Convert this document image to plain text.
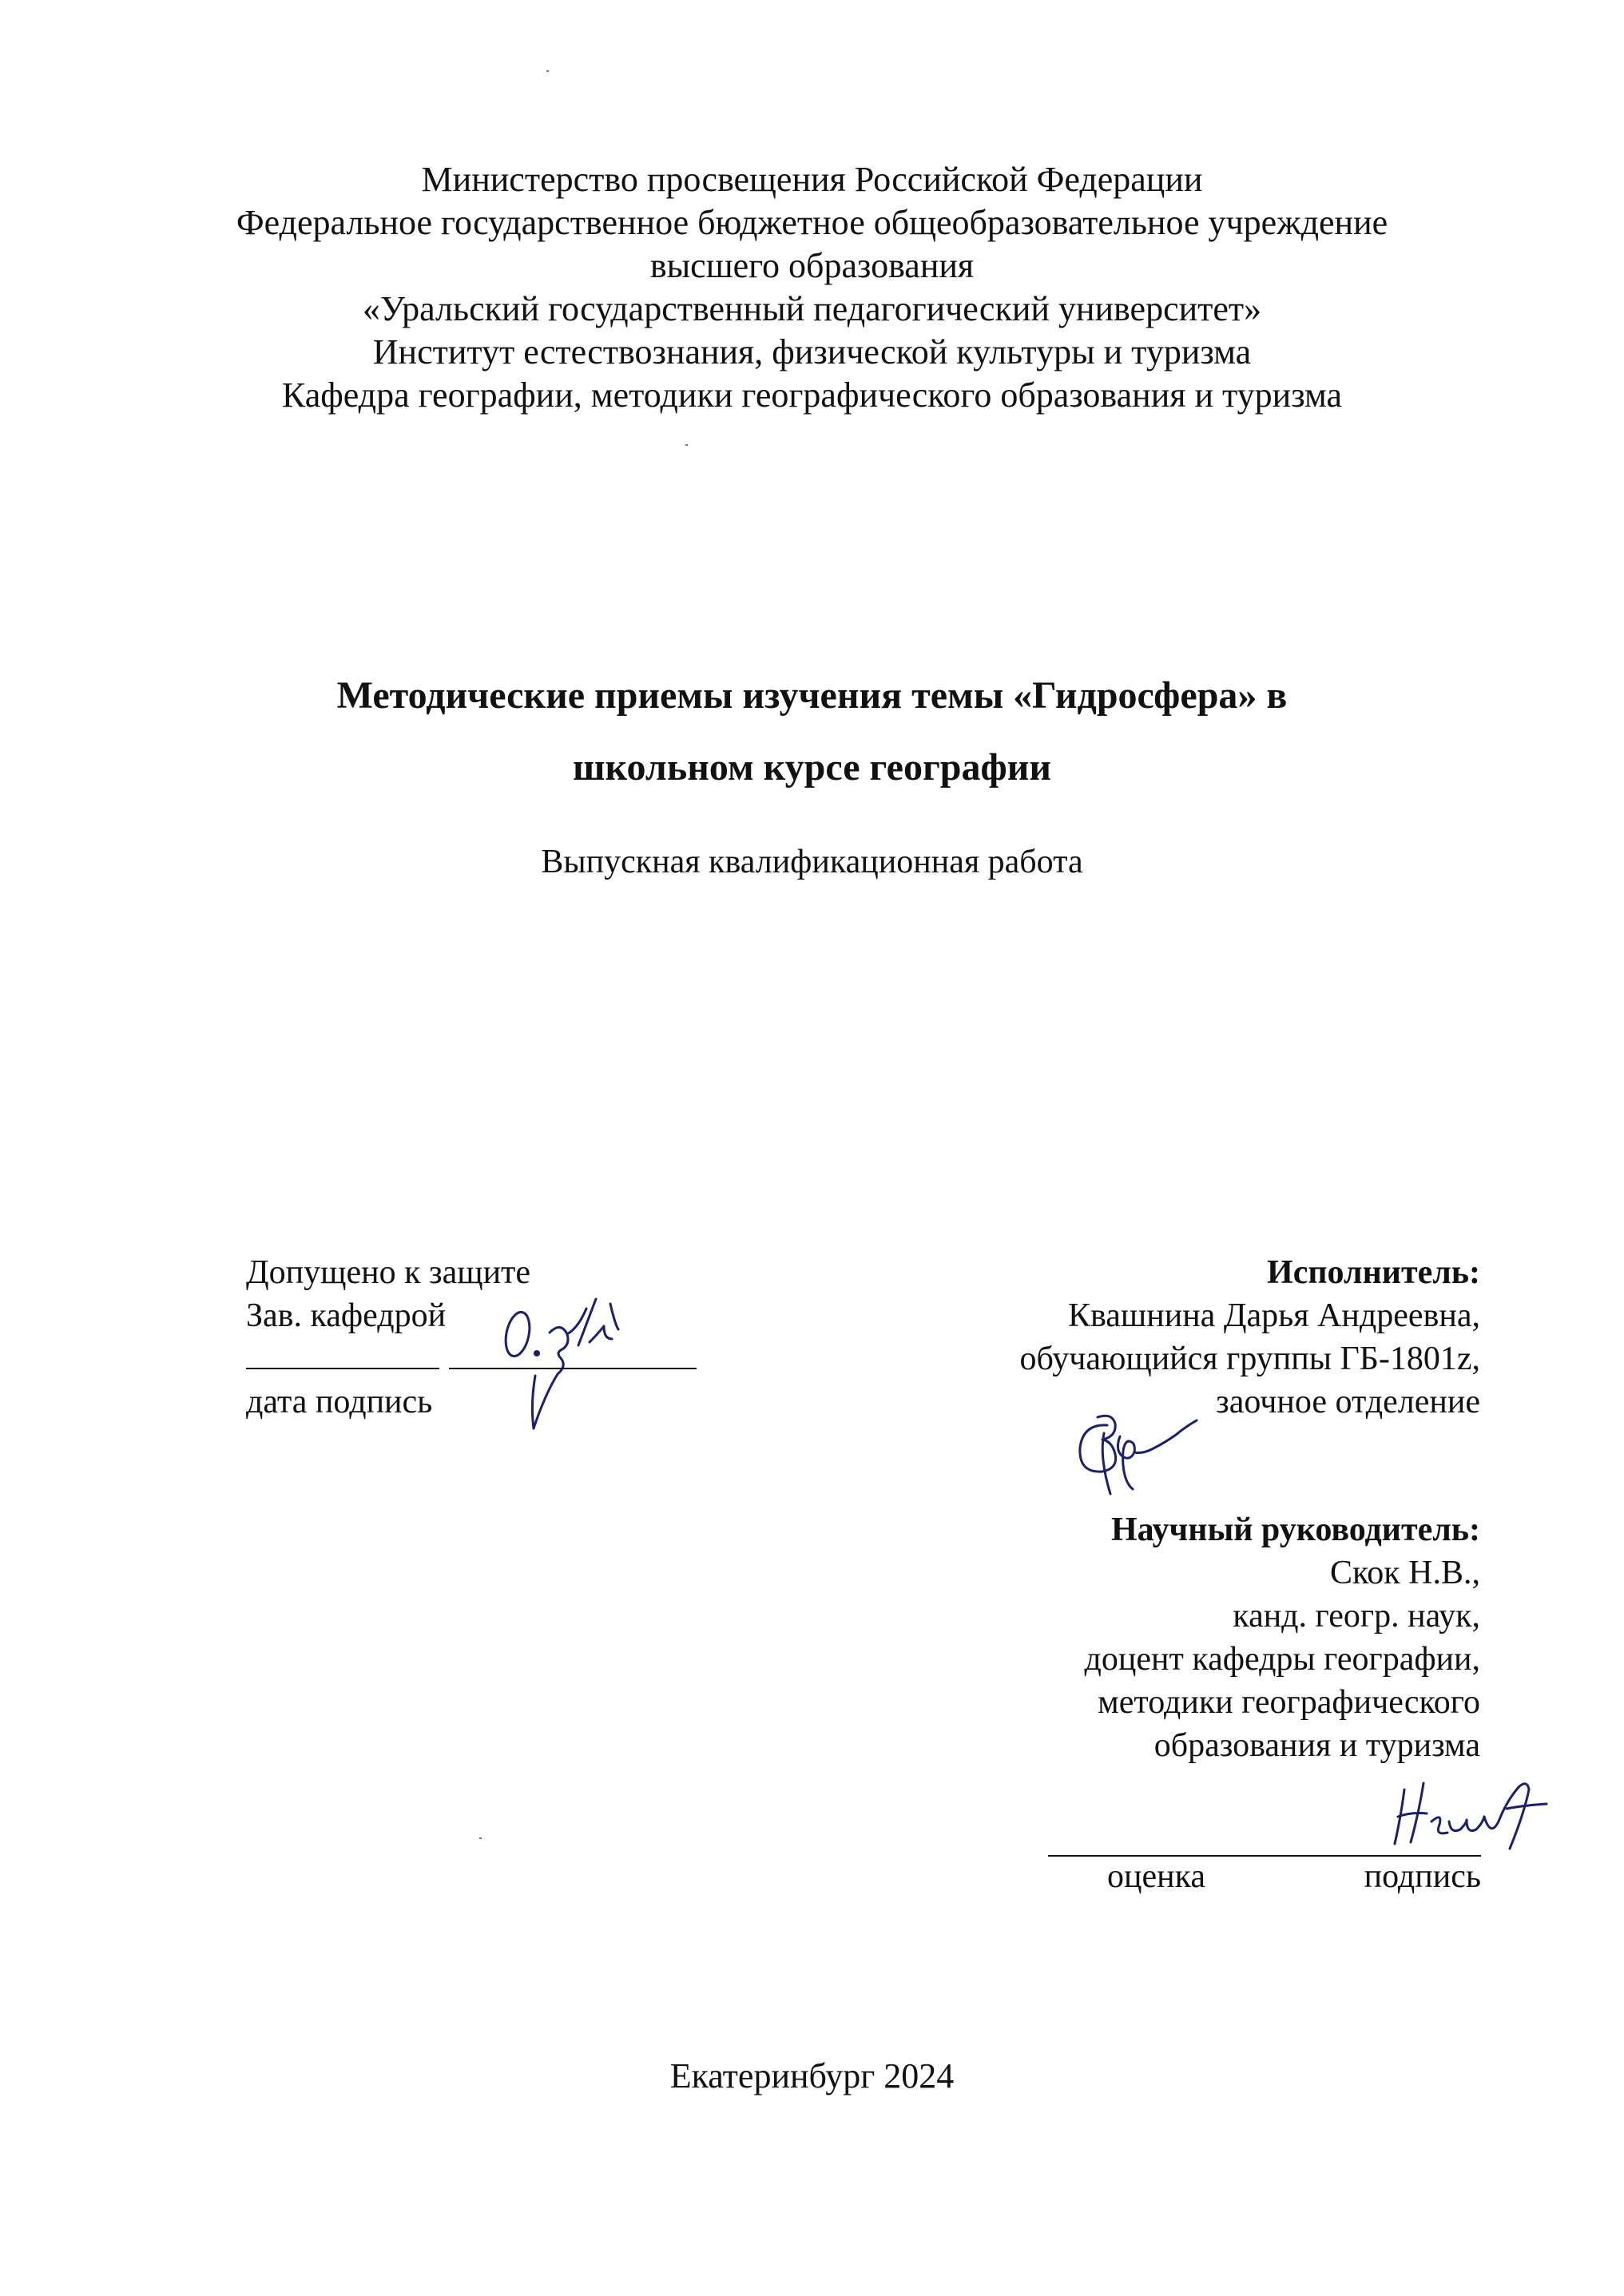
Министерство просвещения Российской Федерации
Федеральное государственное бюджетное общеобразовательное учреждение
высшего образования
«Уральский государственный педагогический университет»
Институт естествознания, физической культуры и туризма
Кафедра географии, методики географического образования и туризма
Методические приемы изучения темы «Гидросфера» в
школьном курсе географии
Выпускная квалификационная работа
Допущено к защите
Зав. кафедрой
дата подпись
Исполнитель:
Квашнина Дарья Андреевна,
обучающийся группы ГБ-1801z,
заочное отделение
Научный руководитель:
Скок Н.В.,
канд. геогр. наук,
доцент кафедры географии,
методики географического
образования и туризма
оценка	подпись
Екатеринбург 2024
